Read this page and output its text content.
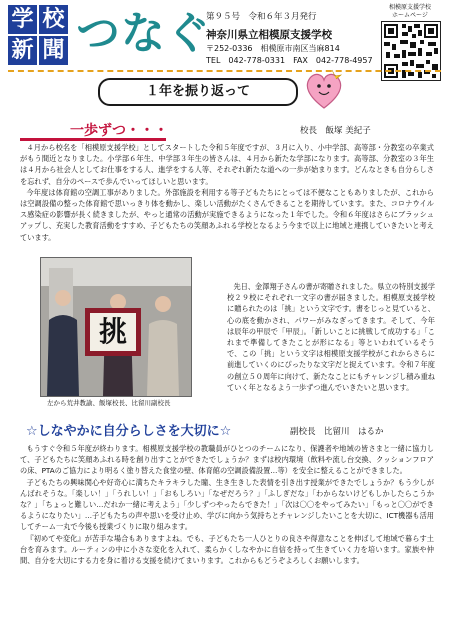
学 校
新 聞 つなぐ
第９５号　令和６年３月発行
神奈川県立相模原支援学校
〒252-0336　相模原市南区当麻814
TEL　042-778-0331　FAX　042-778-4957
相模原支援学校
ホームページ
１年を振り返って
一歩ずつ・・・	校長　飯塚 美紀子

４月から校名を「相模原支援学校」としてスタートした令和５年度ですが、３月に入り、小中学部、高等部・分教室の卒業式がもう間近となりました。小学部６年生、中学部３年生の皆さんは、４月から新たな学部になります。高等部、分教室の３年生は４月から社会人としてお仕事をする人、進学をする人等、それぞれ新たな道への一歩が始まります。どんなときも自分らしさを忘れず、自分のペースで歩んでいってほしいと思います。

今年度は体育館の空調工事がありました。外部施設を利用する等子どもたちにとっては不便なこともありましたが、これからは空調設備の整った体育館で思いっきり体を動かし、楽しい活動がたくさんできることを期待しています。また、コロナウイルス感染症の影響が長く続きましたが、やっと通常の活動が実施できるようになった１年でした。令和６年度はさらにブラッシュアップし、充実した教育活動をすすめ、子どもたちの笑顔あふれる学校となるよう今まで以上に地域と連携していきたいと考えています。

挑
左から荒井教諭、飯塚校長、比留川副校長

先日、金澤翔子さんの書が寄贈されました。県立の特別支援学校２９校にそれぞれ一文字の書が届きました。相模原支援学校に贈られたのは「挑」という文字です。書をじっと見ていると、心の底を動かされ、パワーがみなぎってきます。そして、今年は辰年の甲辰で「甲辰」。「新しいことに挑戦して成功する」「これまで準備してきたことが形になる」等といわれているそうで、この「挑」という文字は相模原支援学校がこれからさらに前進していくのにぴったりな文字だと捉えています。令和７年度の創立５０周年に向けて、新たなことにもチャレンジし積み重ねていく年となるよう一歩ずつ進んでいきたいと思います。

☆しなやかに自分らしさを大切に☆	副校長　比留川　はるか

もうすぐ令和５年度が終わります。相模原支援学校の教職員がひとつのチームになり、保護者や地域の皆さまと一緒に協力して、子どもたちに笑顔あふれる時を創り出すことができたでしょうか？まずは校内環境（飲料や流し台交換、クッションフロアの床、PTAのご協力により明るく塗り替えた食堂の壁、体育館の空調設備設置…等）を安全に整えることができました。

子どもたちの興味関心や好奇心に満ちたキラキラした瞳、生き生きした表情を引き出す授業ができたでしょうか？もう少しがんばれそうな。「楽しい！」「うれしい！」「おもしろい」「なぜだろう？」「ふしぎだな」「わからないけどもしかしたらこうかな？」「ちょっと難しい…だれか一緒に考えよう」「少しずつやったらできた！」「次は〇〇をやってみたい」「もっと〇〇ができるようになりたい」…子どもたちの声や思いを受け止め、学びに向かう気持ちとチャレンジしたいことを大切に、ICT機器も活用してチーム一丸で今後も授業づくりに取り組みます。

『初めてや変化』が苦手な場合もありますよね。でも、子どもたち一人ひとりの良さや得意なことを伸ばして地域で暮らす土台を育みます。ルーティンの中に小さな変化を入れて、柔らかくしなやかに自信を持って生きていく力を培います。家族や仲間、自分を大切にする力を身に着ける支援を続けてまいります。これからもどうぞよろしくお願いします。
